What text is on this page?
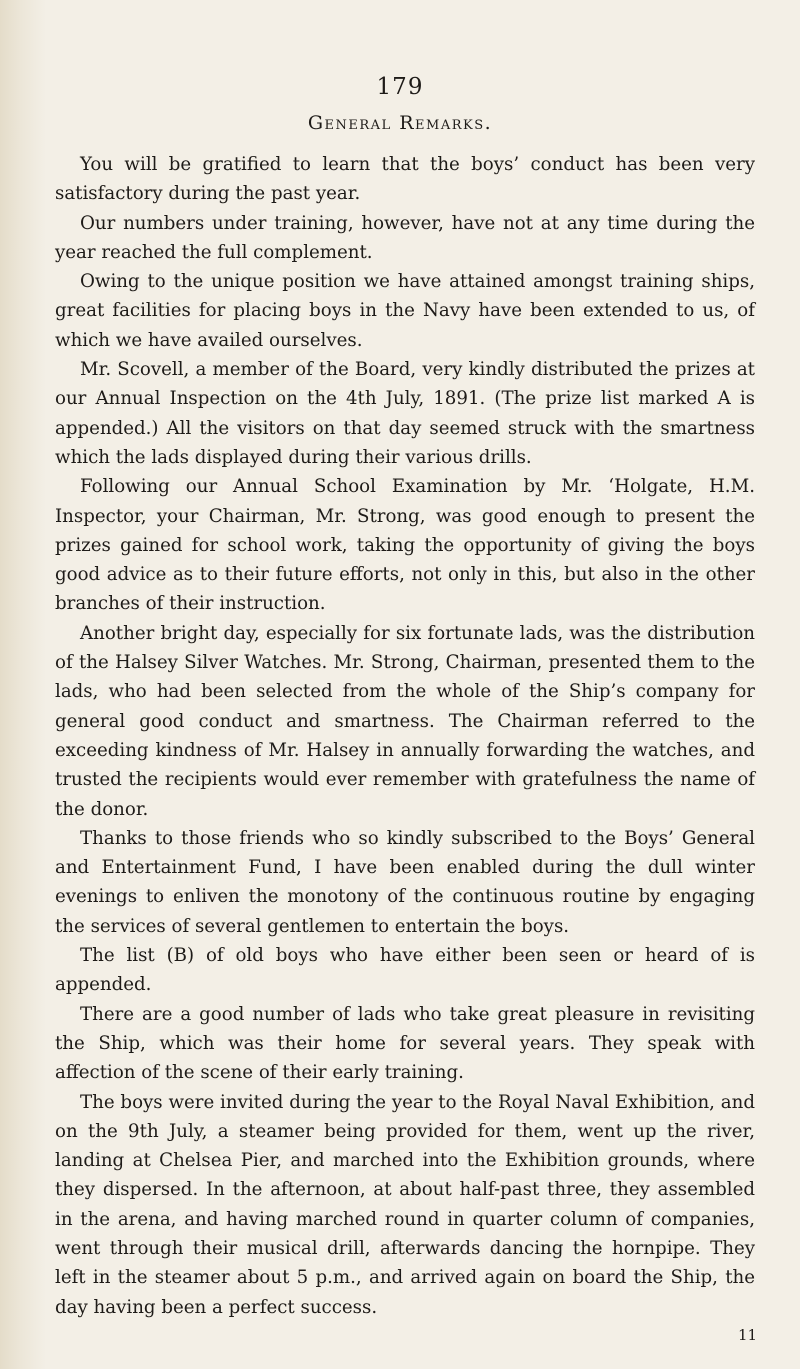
179
General Remarks.

You will be gratified to learn that the boys’ conduct has been very satisfactory during the past year.

Our numbers under training, however, have not at any time during the year reached the full complement.

Owing to the unique position we have attained amongst training ships, great facilities for placing boys in the Navy have been extended to us, of which we have availed ourselves.

Mr. Scovell, a member of the Board, very kindly distributed the prizes at our Annual Inspection on the 4th July, 1891. (The prize list marked A is appended.) All the visitors on that day seemed struck with the smartness which the lads displayed during their various drills.

Following our Annual School Examination by Mr. ‘Holgate, H.M. Inspector, your Chairman, Mr. Strong, was good enough to present the prizes gained for school work, taking the opportunity of giving the boys good advice as to their future efforts, not only in this, but also in the other branches of their instruction.

Another bright day, especially for six fortunate lads, was the distribution of the Halsey Silver Watches. Mr. Strong, Chairman, presented them to the lads, who had been selected from the whole of the Ship’s company for general good conduct and smartness. The Chairman referred to the exceeding kindness of Mr. Halsey in annually forwarding the watches, and trusted the recipients would ever remember with gratefulness the name of the donor.

Thanks to those friends who so kindly subscribed to the Boys’ General and Entertainment Fund, I have been enabled during the dull winter evenings to enliven the monotony of the continuous routine by engaging the services of several gentlemen to entertain the boys.

The list (B) of old boys who have either been seen or heard of is appended.

There are a good number of lads who take great pleasure in revisiting the Ship, which was their home for several years. They speak with affection of the scene of their early training.

The boys were invited during the year to the Royal Naval Exhibition, and on the 9th July, a steamer being provided for them, went up the river, landing at Chelsea Pier, and marched into the Exhibition grounds, where they dispersed. In the afternoon, at about half-past three, they assembled in the arena, and having marched round in quarter column of companies, went through their musical drill, afterwards dancing the hornpipe. They left in the steamer about 5 p.m., and arrived again on board the Ship, the day having been a perfect success.

11
